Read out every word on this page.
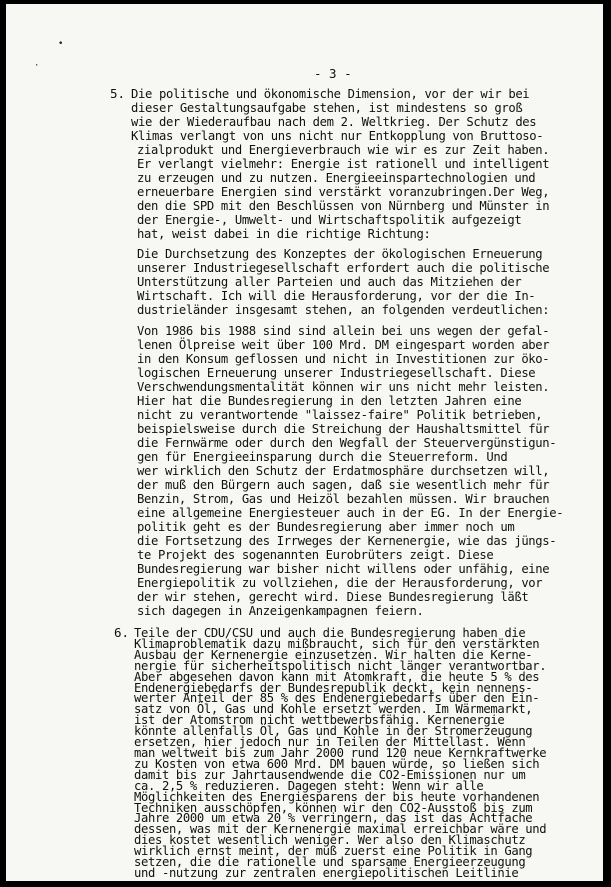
•
·	- 3 -
5. Die politische und ökonomische Dimension, vor der wir bei
dieser Gestaltungsaufgabe stehen, ist mindestens so groß
wie der Wiederaufbau nach dem 2. Weltkrieg. Der Schutz des
Klimas verlangt von uns nicht nur Entkopplung von Bruttoso-
zialprodukt und Energieverbrauch wie wir es zur Zeit haben.
Er verlangt vielmehr: Energie ist rationell und intelligent
zu erzeugen und zu nutzen. Energieeinspartechnologien und
erneuerbare Energien sind verstärkt voranzubringen.Der Weg,
den die SPD mit den Beschlüssen von Nürnberg und Münster in
der Energie-, Umwelt- und Wirtschaftspolitik aufgezeigt
hat, weist dabei in die richtige Richtung:
Die Durchsetzung des Konzeptes der ökologischen Erneuerung
unserer Industriegesellschaft erfordert auch die politische
Unterstützung aller Parteien und auch das Mitziehen der
Wirtschaft. Ich will die Herausforderung, vor der die In-
dustrieländer insgesamt stehen, an folgenden verdeutlichen:
Von 1986 bis 1988 sind sind allein bei uns wegen der gefal-
lenen Ölpreise weit über 100 Mrd. DM eingespart worden aber
in den Konsum geflossen und nicht in Investitionen zur öko-
logischen Erneuerung unserer Industriegesellschaft. Diese
Verschwendungsmentalität können wir uns nicht mehr leisten.
Hier hat die Bundesregierung in den letzten Jahren eine
nicht zu verantwortende "laissez-faire" Politik betrieben,
beispielsweise durch die Streichung der Haushaltsmittel für
die Fernwärme oder durch den Wegfall der Steuervergünstigun-
gen für Energieeinsparung durch die Steuerreform. Und
wer wirklich den Schutz der Erdatmosphäre durchsetzen will,
der muß den Bürgern auch sagen, daß sie wesentlich mehr für
Benzin, Strom, Gas und Heizöl bezahlen müssen. Wir brauchen
eine allgemeine Energiesteuer auch in der EG. In der Energie-
politik geht es der Bundesregierung aber immer noch um
die Fortsetzung des Irrweges der Kernenergie, wie das jüngs-
te Projekt des sogenannten Eurobrüters zeigt. Diese
Bundesregierung war bisher nicht willens oder unfähig, eine
Energiepolitik zu vollziehen, die der Herausforderung, vor
der wir stehen, gerecht wird. Diese Bundesregierung läßt
sich dagegen in Anzeigenkampagnen feiern.
6. Teile der CDU/CSU und auch die Bundesregierung haben die
Klimaproblematik dazu mißbraucht, sich für den verstärkten
Ausbau der Kernenergie einzusetzen. Wir halten die Kerne-
nergie für sicherheitspolitisch nicht länger verantwortbar.
Aber abgesehen davon kann mit Atomkraft, die heute 5 % des
Endenergiebedarfs der Bundesrepublik deckt, kein nennens-
werter Anteil der 85 % des Endenergiebedarfs über den Ein-
satz von Öl, Gas und Kohle ersetzt werden. Im Wärmemarkt,
ist der Atomstrom nicht wettbewerbsfähig. Kernenergie
könnte allenfalls Öl, Gas und Kohle in der Stromerzeugung
ersetzen, hier jedoch nur in Teilen der Mittellast. Wenn
man weltweit bis zum Jahr 2000 rund 120 neue Kernkraftwerke
zu Kosten von etwa 600 Mrd. DM bauen würde, so ließen sich
damit bis zur Jahrtausendwende die CO2-Emissionen nur um
ca. 2,5 % reduzieren. Dagegen steht: Wenn wir alle
Möglichkeiten des Energiesparens der bis heute vorhandenen
Techniken ausschöpfen, können wir den CO2-Ausstoß bis zum
Jahre 2000 um etwa 20 % verringern, das ist das Achtfache
dessen, was mit der Kernenergie maximal erreichbar wäre und
dies kostet wesentlich weniger. Wer also den Klimaschutz
wirklich ernst meint, der muß zuerst eine Politik in Gang
setzen, die die rationelle und sparsame Energieerzeugung
und -nutzung zur zentralen energiepolitischen Leitlinie
